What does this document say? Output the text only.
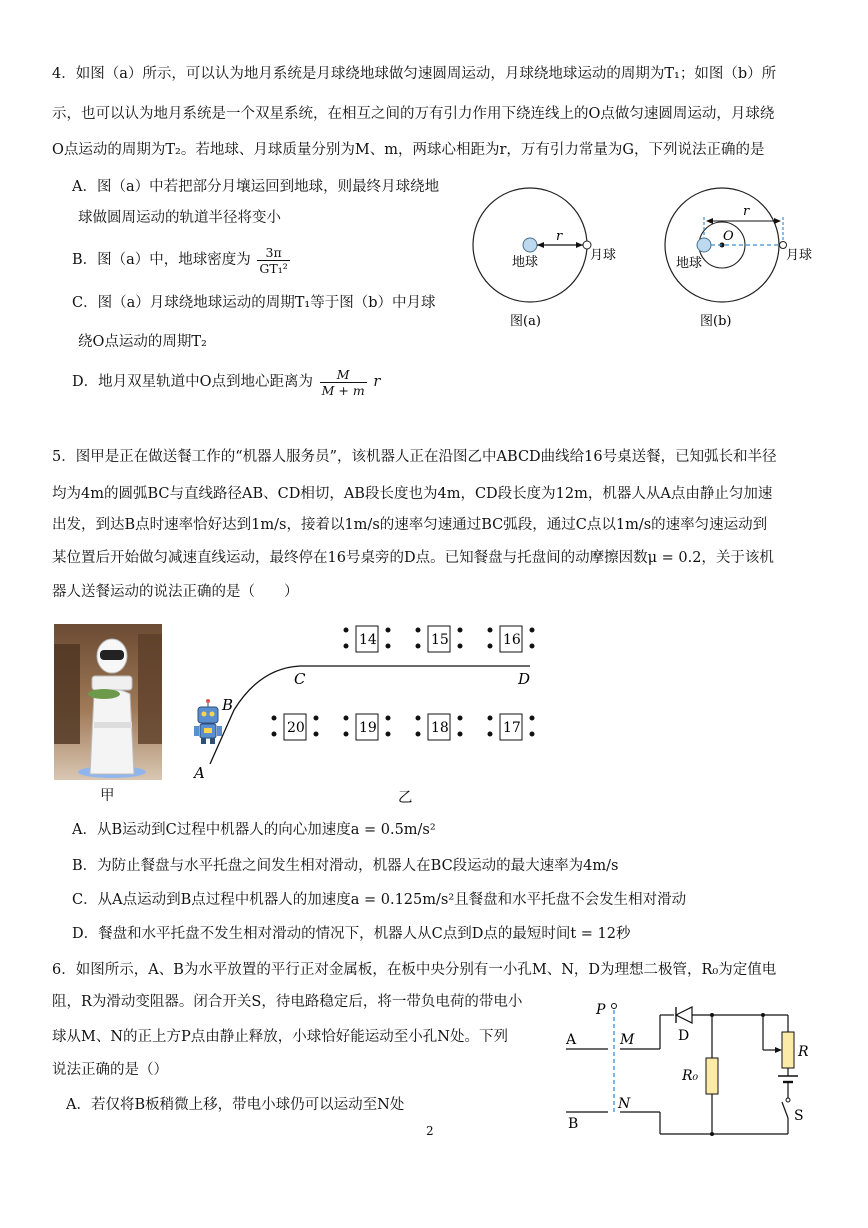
4．如图（a）所示，可以认为地月系统是月球绕地球做匀速圆周运动，月球绕地球运动的周期为T₁；如图（b）所
示，也可以认为地月系统是一个双星系统，在相互之间的万有引力作用下绕连线上的O点做匀速圆周运动，月球绕
O点运动的周期为T₂。若地球、月球质量分别为M、m，两球心相距为r，万有引力常量为G，下列说法正确的是
A．图（a）中若把部分月壤运回到地球，则最终月球绕地
球做圆周运动的轨道半径将变小
B．图（a）中，地球密度为 $\frac{3\pi}{\text{GT₁²}}$
C．图（a）月球绕地球运动的周期T₁等于图（b）中月球
绕O点运动的周期T₂
D．地月双星轨道中O点到地心距离为 $\frac{M}{M + m}$ r
r
地球	月球
图(a)
r
O
地球
月球
图(b)
5．图甲是正在做送餐工作的“机器人服务员”，该机器人正在沿图乙中ABCD曲线给16号桌送餐，已知弧长和半径
均为4m的圆弧BC与直线路径AB、CD相切，AB段长度也为4m，CD段长度为12m，机器人从A点由静止匀加速
出发，到达B点时速率恰好达到1m/s，接着以1m/s的速率匀速通过BC弧段，通过C点以1m/s的速率匀速运动到
某位置后开始做匀减速直线运动，最终停在16号桌旁的D点。已知餐盘与托盘间的动摩擦因数μ = 0.2，关于该机
器人送餐运动的说法正确的是（　　）
甲
A
B
C	D
14	15	16
20	19	18	17
乙
A．从B运动到C过程中机器人的向心加速度a = 0.5m/s²
B．为防止餐盘与水平托盘之间发生相对滑动，机器人在BC段运动的最大速率为4m/s
C．从A点运动到B点过程中机器人的加速度a = 0.125m/s²且餐盘和水平托盘不会发生相对滑动
D．餐盘和水平托盘不发生相对滑动的情况下，机器人从C点到D点的最短时间t = 12秒
6．如图所示，A、B为水平放置的平行正对金属板，在板中央分别有一小孔M、N，D为理想二极管，R₀为定值电
阻，R为滑动变阻器。闭合开关S，待电路稳定后，将一带负电荷的带电小
球从M、N的正上方P点由静止释放，小球恰好能运动至小孔N处。下列
说法正确的是（）
A．若仅将B板稍微上移，带电小球仍可以运动至N处
P
A
B
M
N
D
R₀
R
S
2
